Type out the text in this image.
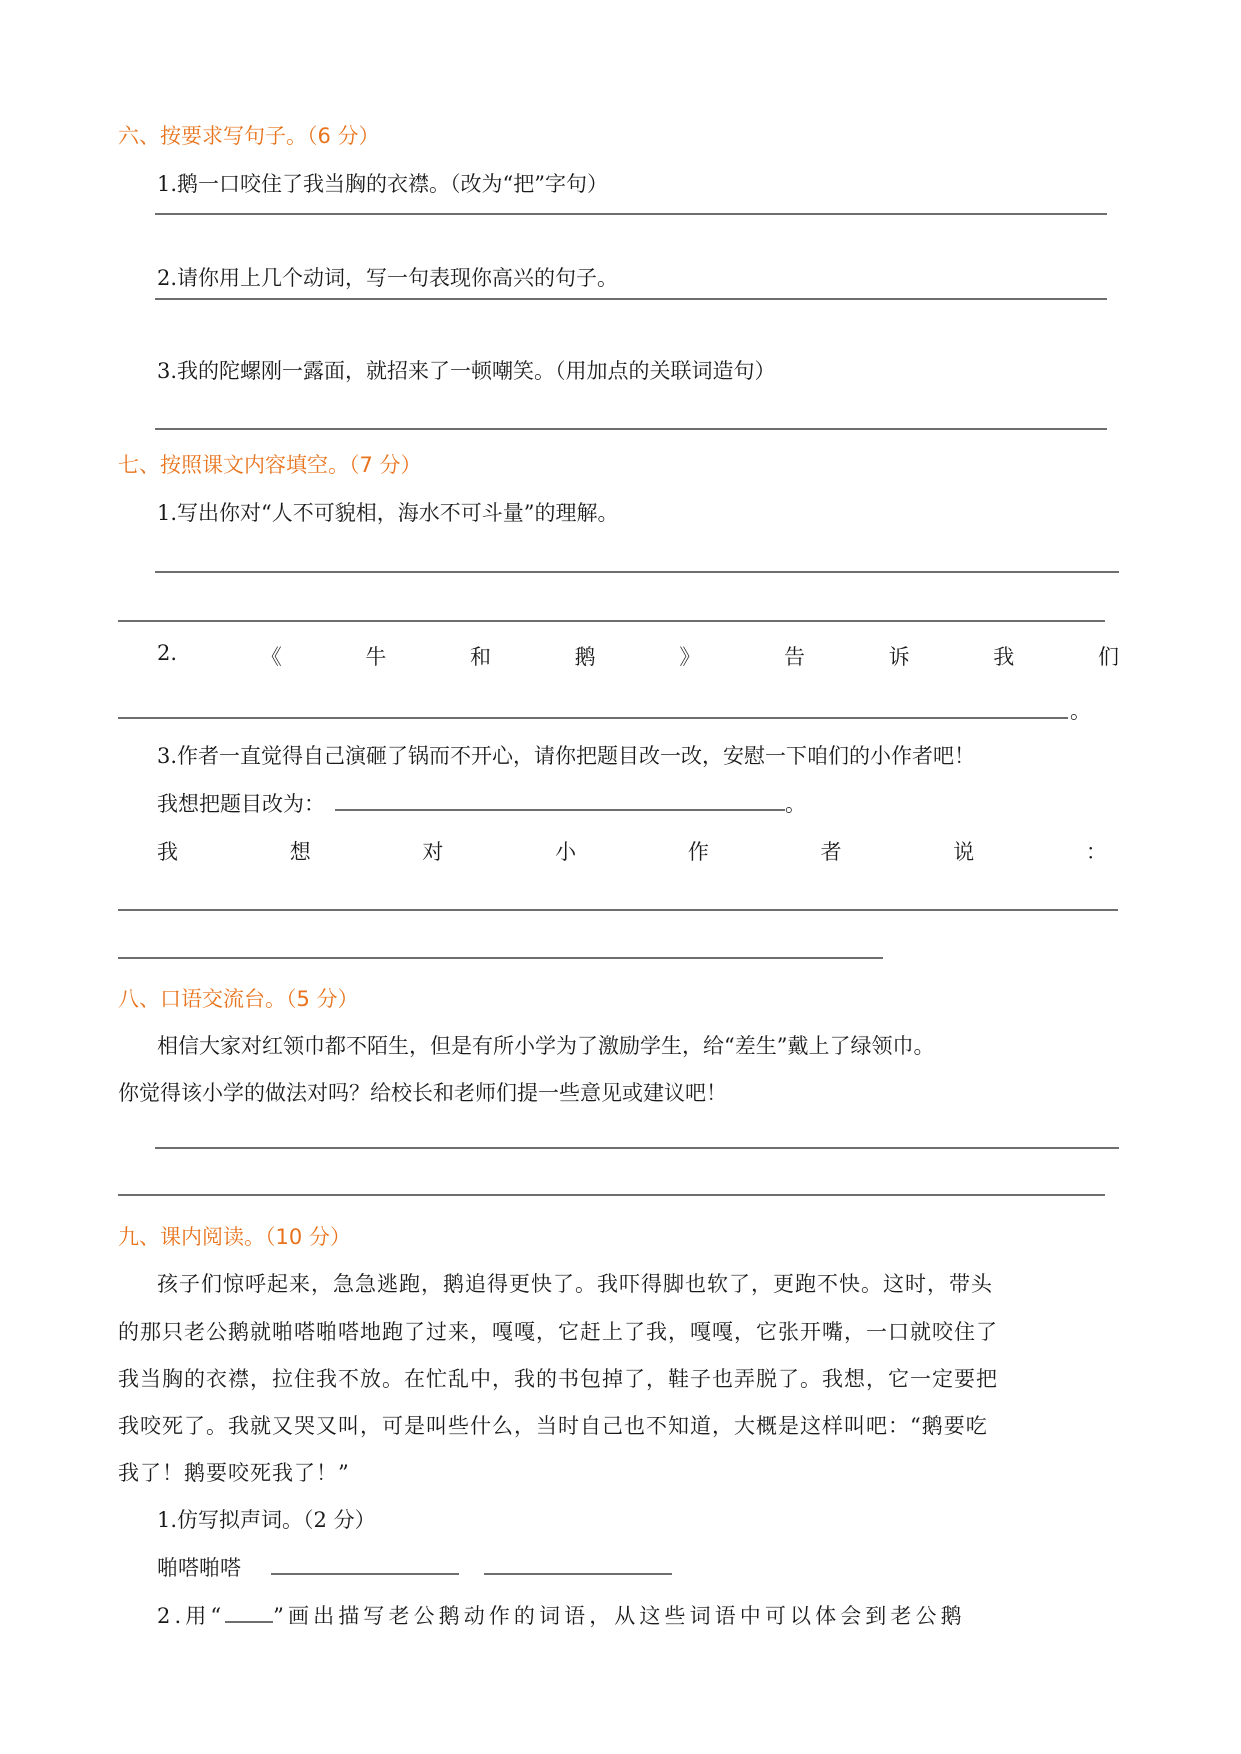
六、按要求写句子。（6 分）
1.鹅一口咬住了我当胸的衣襟。（改为“把”字句）
2.请你用上几个动词，写一句表现你高兴的句子。
3.我的陀螺刚一露面，就招来了一顿嘲笑。（用加点的关联词造句）
七、按照课文内容填空。（7 分）
1.写出你对“人不可貌相，海水不可斗量”的理解。
2.	《	牛	和	鹅	》	告	诉	我	们
。
3.作者一直觉得自己演砸了锅而不开心，请你把题目改一改，安慰一下咱们的小作者吧！
我想把题目改为：	。
我	想	对	小	作	者	说	：
八、口语交流台。（5 分）
相信大家对红领巾都不陌生，但是有所小学为了激励学生，给“差生”戴上了绿领巾。
你觉得该小学的做法对吗？给校长和老师们提一些意见或建议吧！
九、课内阅读。（10 分）
孩子们惊呼起来，急急逃跑，鹅追得更快了。我吓得脚也软了，更跑不快。这时，带头
的那只老公鹅就啪嗒啪嗒地跑了过来，嘎嘎，它赶上了我，嘎嘎，它张开嘴，一口就咬住了
我当胸的衣襟，拉住我不放。在忙乱中，我的书包掉了，鞋子也弄脱了。我想，它一定要把
我咬死了。我就又哭又叫，可是叫些什么，当时自己也不知道，大概是这样叫吧：“鹅要吃
我了！鹅要咬死我了！”
1.仿写拟声词。（2 分）
啪嗒啪嗒
2.用“ ”画出描写老公鹅动作的词语，从这些词语中可以体会到老公鹅
